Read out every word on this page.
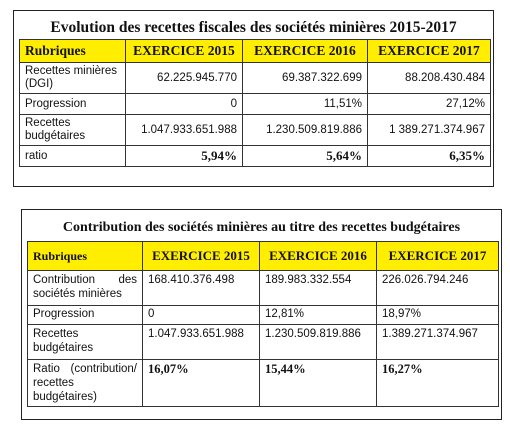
Evolution des recettes fiscales des sociétés minières 2015-2017
Rubriques	EXERCICE 2015	EXERCICE 2016	EXERCICE 2017
Recettes minières (DGI)	62.225.945.770	69.387.322.699	88.208.430.484
Progression	0	11,51%	27,12%
Recettes budgétaires	1.047.933.651.988	1.230.509.819.886	1 389.271.374.967
ratio	5,94%	5,64%	6,35%
Contribution des sociétés minières au titre des recettes budgétaires
Rubriques	EXERCICE 2015	EXERCICE 2016	EXERCICE 2017
Contribution des sociétés minières	168.410.376.498	189.983.332.554	226.026.794.246
Progression	0	12,81%	18,97%
Recettes budgétaires	1.047.933.651.988	1.230.509.819.886	1.389.271.374.967
Ratio (contribution/ recettes budgétaires)	16,07%	15,44%	16,27%
